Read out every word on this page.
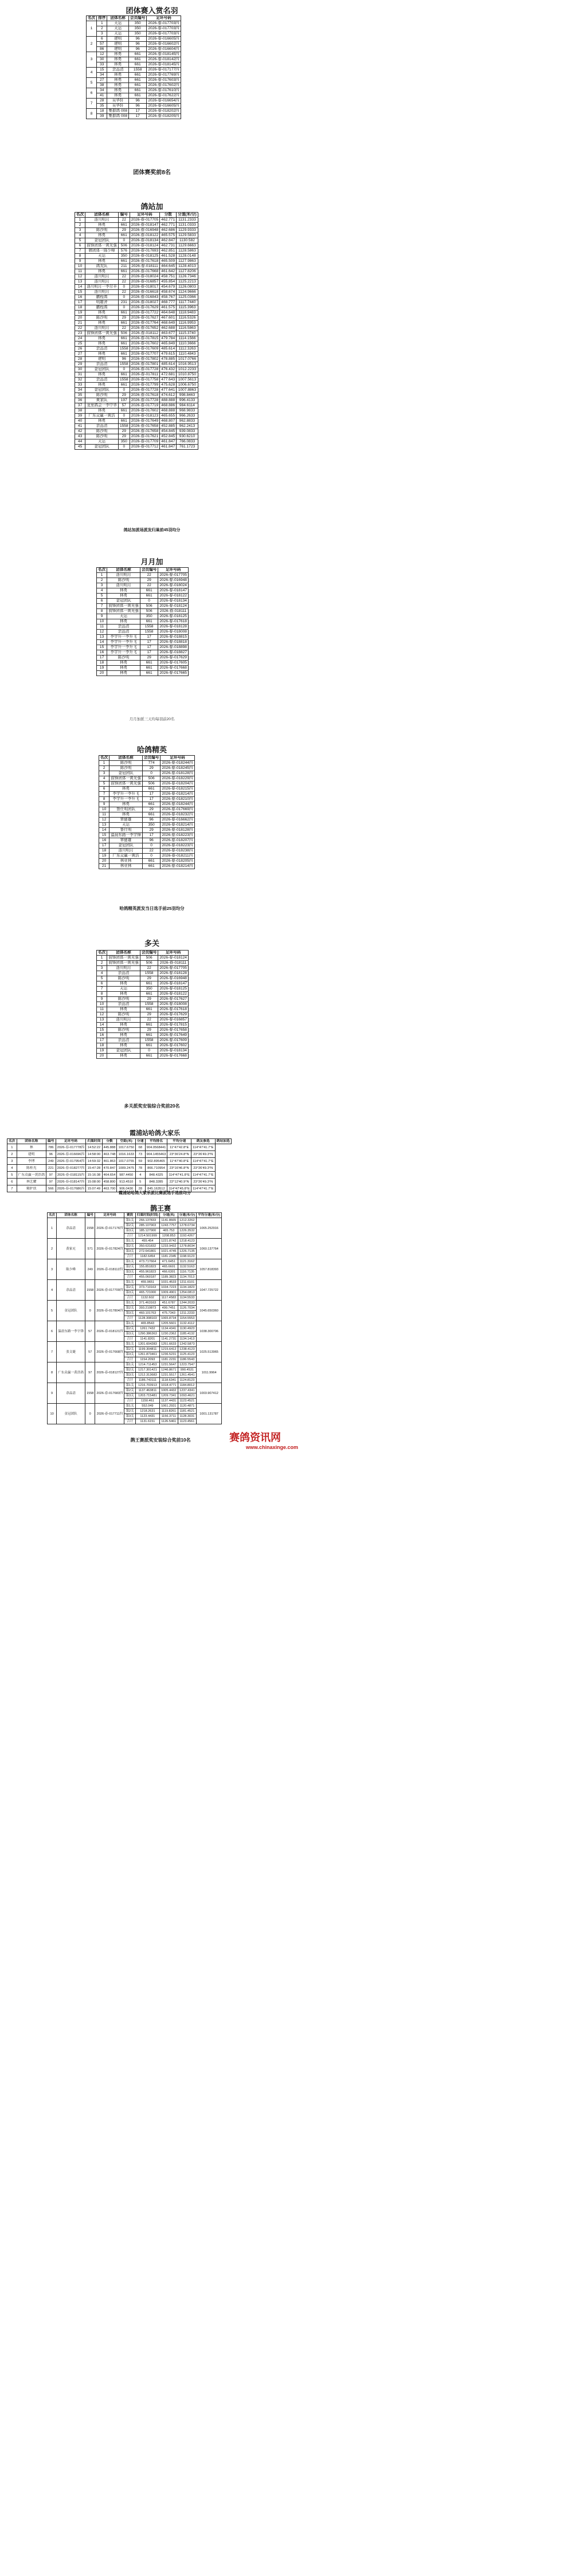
团体赛入赏名羽
名次	排序	团体名称	会员编号	足环号码
1	1	天运	350	2026-春-017703四
	2	天运	350	2026-春-017703四
	3	天运	350	2026-春-017703四
2	6	建明	96	2026-春-016605四
	57	建明	96	2026-春-016602四
	86	建明	96	2026-春-016604四
3	12	林勇	661	2026-春-018145四
	30	林勇	661	2026-春-018142四
	33	林勇	661	2026-春-018145四
4	15	余品清	1558	2026-春-017177四
	34	林勇	661	2026-春-017769四
5	27	林勇	661	2026-春-017603四
	38	林勇	661	2026-春-017602四
6	34	林勇	661	2026-春-017610四
	41	林勇	661	2026-春-017622四
7	28	吴华轩	96	2026-春-016654四
	35	吴华轩	96	2026-春-016605四
8	18	集群鸽 008	17	2026-春-018202四
	39	集群鸽 008	17	2026-春-018205四
团体赛奖前8名
鸽站加
名次	团体名称	编号	足环号码	分数	分速(米/分)
1	洛川明月	22	2026-春-017705	462.771	1131.2333
2	林勇	661	2026-春-018147	462.771	1131.0333
3	陈沙明	29	2026-春-016948	462.686	1129.9333
4	林勇	661	2026-春-018122	465.575	1129.5833
5	金冠团队	0	2026-春-018134	462.847	1130.582
6	前锋团体一黄光强	506	2026-春-018124	462.731	1129.6663
7	韩团体一陈少峰	576	2026-春-017693	462.851	1128.5863
8	天运	350	2026-春-018125	461.528	1128.0148
9	林勇	661	2026-春-017618	465.509	1127.9863
10	鸽友队	211	2026-春-018111	464.645	1128.4013
11	林勇	661	2026-春-017668	461.642	1127.8206
12	洛川明月	22	2026-春-018024	458.751	1126.7346
13	洛川明月	22	2026-春-016857	455.854	1125.2213
14	洛川明月一李尔丰	0	2026-春-018017	454.679	1126.0803
15	洛川明月	22	2026-春-016618	458.674	1124.9666
16	鹏程鸽	0	2026-春-016843	458.767	1125.0366
17	明雄舍	231	2026-春-018027	468.777	1117.7440
18	鹏程鸽	0	2026-春-017629	461.575	1115.3963
19	林勇	661	2026-春-017722	464.648	1118.9483
20	陈沙明	29	2026-春-017627	467.601	1116.5326
21	林勇	661	2026-春-017764	468.649	1116.9953
22	洛川明月	22	2026-春-017652	462.688	1116.5863
23	前锋团体一黄光强	506	2026-春-018112	463.677	1115.3740
24	林勇	661	2026-春-017815	479.784	1114.1566
25	林勇	661	2026-春-017602	465.849	1110.3666
26	余品清	1558	2026-春-017609	485.614	1112.3263
27	林勇	661	2026-春-017707	479.615	1110.4843
28	建明	96	2026-春-017802	478.885	1017.0766
29	余品清	1558	2026-春-017801	485.614	1016.9513
30	金冠团队	0	2026-春-017728	476.432	1012.2233
31	林勇	661	2026-春-017811	472.681	1010.8750
32	余品清	1558	2026-春-017758	477.643	1007.5613
33	林勇	661	2026-春-017799	475.628	1006.6750
34	金冠团队	0	2026-春-017728	477.641	1007.8863
35	陈沙明	29	2026-春-017618	474.612	998.8463
36	黄家队	197	2026-春-017728	488.888	996.4133
37	龙里鸽会一李中华	57	2026-春-017719	468.886	984.6114
38	林勇	661	2026-春-017602	468.888	968.9833
39	广东众赢一黄浩	0	2026-春-018123	465.655	966.2633
40	林勇	661	2026-春-017649	468.807	962.8833
41	余品清	1558	2026-春-017658	452.885	962.2413
42	陈沙明	29	2026-春-017658	454.845	939.0833
43	陈沙明	29	2026-春-017621	452.845	930.6210
44	天运	350	2026-春-017709	461.847	766.0833
45	金冠团队	0	2026-春-017712	461.847	761.1723
鸽站加派场派发归巢前45羽均分
月月加
名次	团体名称	会员编号	足环号码
1	洛川明月	22	2026-春-017705
2	陈沙明	29	2026-春-016948
3	洛川明月	22	2026-春-018024
4	林勇	661	2026-春-018147
5	林勇	661	2026-春-018122
6	金冠团队	0	2026-春-018134
7	前锋团体一黄光强	506	2026-春-018124
8	前锋团体一黄光强	506	2026-春-018111
9	天运	350	2026-春-018125
10	林勇	661	2026-春-017618
11	余品清	1558	2026-春-018128
12	余品清	1558	2026-春-018008
13	李宇升一李升飞	17	2026-春-018815
14	李宇升一李升飞	17	2026-春-018818
15	李宇升一李升飞	17	2026-春-018898
16	李宇升一李升飞	17	2026-春-018827
17	陈沙明	29	2026-春-017629
18	林勇	661	2026-春-017605
19	林勇	661	2026-春-017668
20	林勇	661	2026-春-017665
月月加派三天均每羽前20名
哈鸽精英
名次	团体名称	会员编号	足环号码
1	陈沙明	774	2026-春-018244四
2	陈沙明	29	2026-春-018245四
3	金冠团队	0	2026-春-018128四
4	前锋团体一黄光强	506	2026-春-018229四
5	前锋团体一黄光强	506	2026-春-018204四
6	林勇	661	2026-春-018215四
7	李宇升一李升飞	17	2026-春-018214四
8	李宇升一李升飞	17	2026-春-018210四
9	林勇	661	2026-春-018244四
10	鲁仕明团队	29	2026-春-017669四
11	林勇	661	2026-春-018232四
12	覃健雄	96	2026-春-016662四
13	天运	350	2026-春-018214四
14	鲁仕明	29	2026-春-018128四
15	温晨东路一李宇锋	17	2026-春-018223四
16	覃健雄	96	2026-春-018207四
17	金冠团队	0	2026-春-018223四
18	洛川明月	22	2026-春-018238四
19	广东众赢一黄浩	0	2026-春-018211四
20	林业林	661	2026-春-018205四
21	林业林	661	2026-春-018214四
哈鸽精英派发当日选手前25羽均分
多关
名次	团体名称	会员编号	足环号码
1	前锋团体一黄光强	506	2026-春-018124
2	前锋团体一黄光强	506	2026-春-018111
3	洛川明月	22	2026-春-017705
4	余品清	1558	2026-春-018128
5	陈沙明	29	2026-春-016948
6	林勇	661	2026-春-018147
7	天运	350	2026-春-018125
8	林勇	661	2026-春-018122
9	陈沙明	29	2026-春-017627
10	余品清	1558	2026-春-018008
11	林勇	661	2026-春-017618
12	陈沙明	29	2026-春-017629
13	洛川明月	22	2026-春-016857
14	林勇	661	2026-春-017815
15	陈沙明	29	2026-春-017658
16	林勇	661	2026-春-017649
17	余品清	1558	2026-春-017609
18	林勇	661	2026-春-017602
19	金冠团队	0	2026-春-018134
20	林勇	661	2026-春-017668
多关派奖安装综合奖前20名
霞浦站哈鸽大家乐
名次	团体名称	编号	足环号码	归巢时间	分数	空距(米)	分速	平均排名	平均分速	鸽友参选	鸽站加选
1	林	786	2026-春-017778四	14:52:22	445.888	1017.6750	68	904.0568441	11°47'42.8°E	114°47'41.7°E	
2	建明	96	2026-春-016696四	14:58:00	463.748	1016.1633	73	904.1455463	23°36'24.8°N	23°26'49.3°N	
3	李博	249	2026-春-017954四	14:59:32	461.863	1017.0755	59	902.895465	11°47'40.8°E	114°47'41.7°E	
4	陈桂光	221	2026-春-018277四	15:47:28	470.847	1009.2475	78	866.710954	23°16'46.8°N	23°26'49.3°N	
5	广东众赢一黄浩鸽	97	2026-春-018115四	15:16:38	464.654	987.4450	4	848.4325	114°47'41.8°E	114°47'41.7°E	
6	林艺耀	97	2026-春-018147四	15:08:00	458.800	913.4510	5	848.3285	22°12'40.9°N	23°26'49.3°N	
7	精护扶	566	2026-春-017686四	15:07:49	463.700	906.0430	28	845.163512	114°47'45.8°E	114°47'41.7°E	
霞浦站哈鸽大家乐派比赛派选手选前均分
鹊王赛
名次	团体名称	编号	足环号码	赛段	归巢时间(时间)	分速(米)	分速(米/分)	平均分速(米/分)
1	余品清	1558	2026-春-017176四	第1关	266.137833	1141.8665	1212.3262	1065.252916
				第2关	285.107903	1243.7757	1278.0734	
				第3关	185.127900	465.753	1226.3532	
				合计	1214.501999	1208.853	1193.4267	
2	黄家充	571	2026-春-017824四	第1关	455.454	1221.8742	1218.4123	1060.137764
				第2关	350.631832	1233.9432	1278.8034	
				第3关	272.641801	1021.4745	1226.7135	
				合计	1182.6454	1181.2345	1198.9123	
3	陈少峰	249	2026-春-018112四	第1关	473.717664	471.6451	1121.3162	1057.818393
				第2关	155.851823	465.6601	1132.5163	
				第3关	455.961823	466.6301	1116.7135	
				合计	455.060187	1189.3823	1134.7013	
4	余品清	1558	2026-春-017709四	第1关	455.9651	1031.4533	1211.6101	1047.725722
				第2关	373.710163	1034.7223	1134.1823	
				第3关	465.721000	1009.4901	1254.0813	
				合计	1132.602	1117.4583	1134.5533	
5	金冠团队	0	2026-春-017804四	第1关	371.463163	451.6787	1244.2033	1045.650360
				第2关	393.210873	499.7451	1126.7034	
				第3关	460.101763	475.7343	1211.2233	
				合计	1128.308103	1065.8734	1154.5553	
6	温晨东路一李宇锋	57	2026-春-018121四	第1关	465.8543	1205.5601	1132.4112	1038.300706
				第2关	1261.7432	1134.4341	1130.4923	
				第3关	1290.386363	1230.2362	1185.4132	
				合计	1141.8201	1141.2731	1134.1413	
7	张文婕	57	2026-春-017668四	第1关	1201.604283	1251.6633	1242.5873	1025.513965
				第2关	1199.304811	1215.6412	1238.4123	
				第3关	1261.873461	1236.5231	1125.4123	
				合计	1154.2093	1181.2231	1186.5543	
8	广东众赢一黄浩鸽	97	2026-春-018127四	第1关	1214.711453	1231.5647	1223.7547	1011.9964
				第2关	1217.301421	1246.8671	990.4531	
				第3关	1212.313683	1231.5517	1261.4541	
				合计	1186.743111	1118.6341	1124.8123	
9	余品清	1558	2026-春-017683四	第1关	1216.703913	1018.4771	1184.8012	1003.907412
				第2关	1137.463811	1005.4432	1237.4341	
				第3关	1203.715481	1209.7341	1093.4621	
				合计	1150.461	1137.4431	1123.4521	
10	金冠团队	0	2026-春-017711四	第1关	552.049	1061.2931	1120.4871	1001.131787
				第2关	1218.2631	1119.8261	1181.4521	
				第3关	1123.4431	1156.3711	1128.3031	
				合计	1131.6151	1126.5461	1123.4561	
鹊王赛派奖安装综合奖前10名	赛鸽资讯网
www.chinaxinge.com
